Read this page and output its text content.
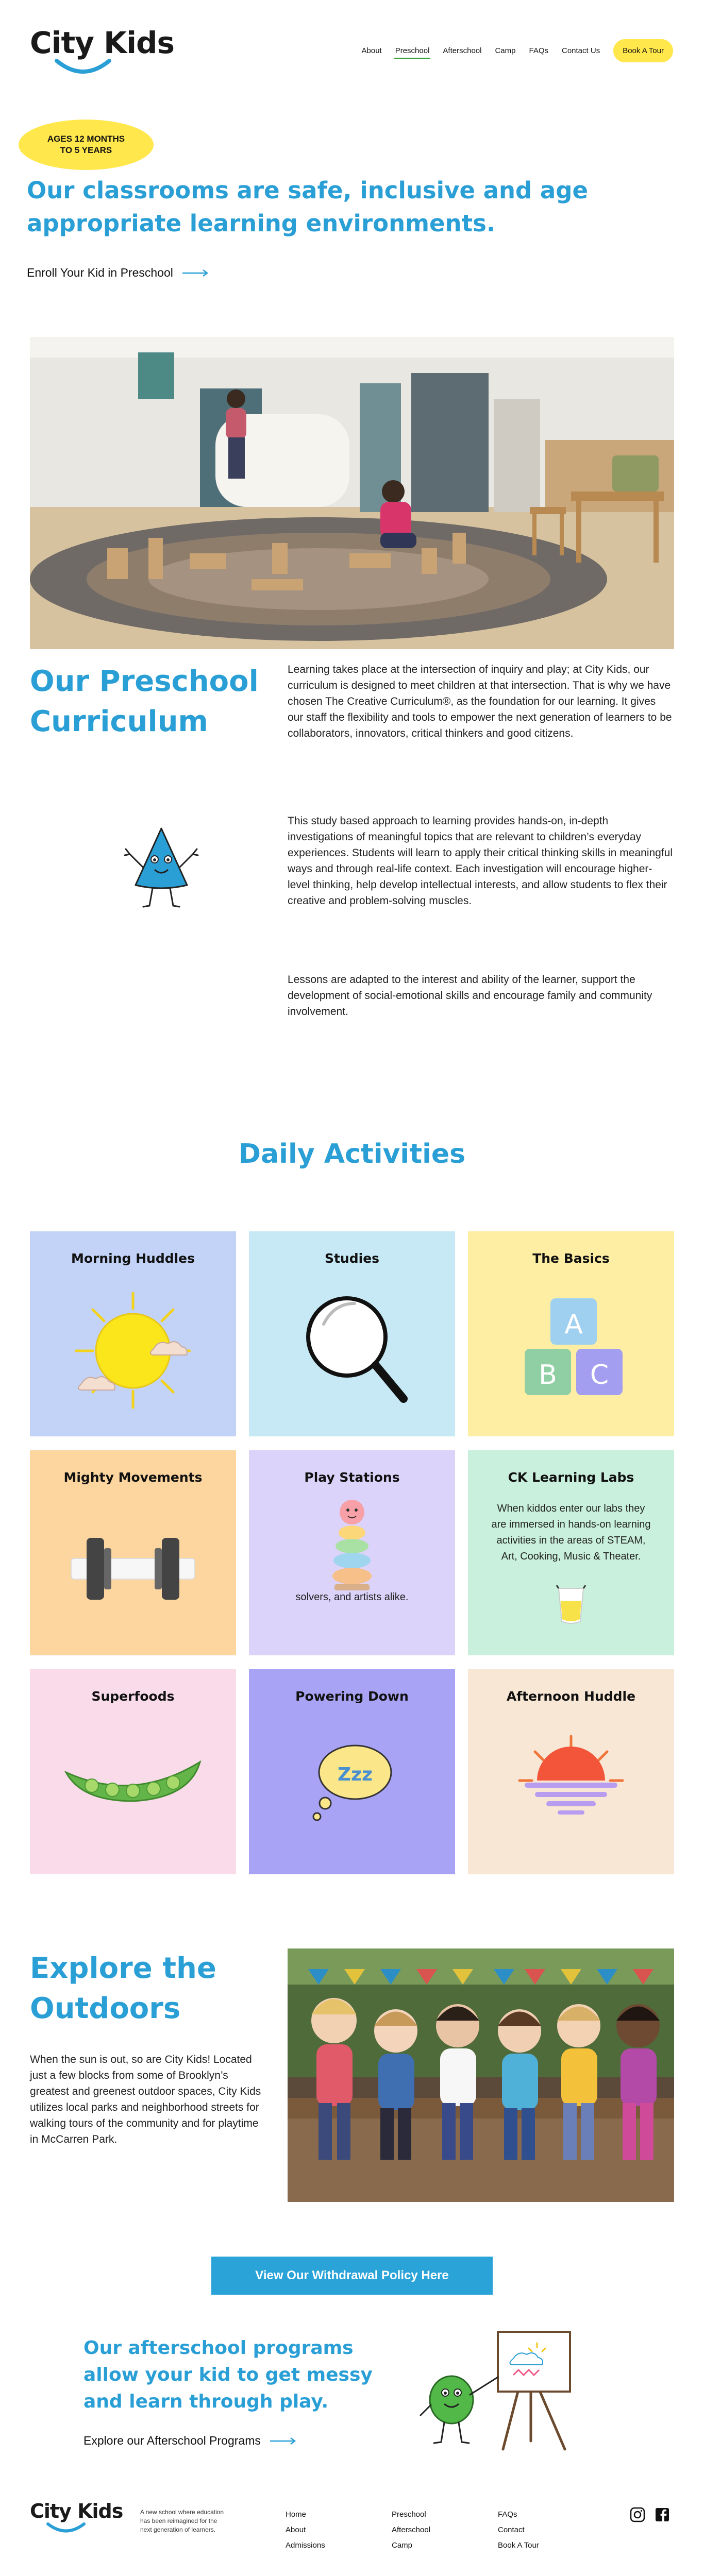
City Kids	About Preschool Afterschool Camp FAQs Contact Us	Book A Tour
AGES 12 MONTHS TO 5 YEARS
Our classrooms are safe, inclusive and age appropriate learning environments.
Enroll Your Kid in Preschool
Our Preschool Curriculum

Learning takes place at the intersection of inquiry and play; at City Kids, our curriculum is designed to meet children at that intersection. That is why we have chosen The Creative Curriculum®, as the foundation for our learning. It gives our staff the flexibility and tools to empower the next generation of learners to be collaborators, innovators, critical thinkers and good citizens.

This study based approach to learning provides hands-on, in-depth investigations of meaningful topics that are relevant to children’s everyday experiences. Students will learn to apply their critical thinking skills in meaningful ways and through real-life context. Each investigation will encourage higher-level thinking, help develop intellectual interests, and allow students to flex their creative and problem-solving muscles.

Lessons are adapted to the interest and ability of the learner, support the development of social-emotional skills and encourage family and community involvement.

Daily Activities
Morning Huddles	Studies	The Basics
A
B C
Mighty Movements	Play Stations
solvers, and artists alike.
CK Learning Labs
When kiddos enter our labs they are immersed in hands-on learning activities in the areas of STEAM, Art, Cooking, Music & Theater.
Superfoods	Powering Down
Zzz
Afternoon Huddle
Explore the Outdoors

When the sun is out, so are City Kids! Located just a few blocks from some of Brooklyn’s greatest and greenest outdoor spaces, City Kids utilizes local parks and neighborhood streets for walking tours of the community and for playtime in McCarren Park.

View Our Withdrawal Policy Here
Our afterschool programs allow your kid to get messy and learn through play.
Explore our Afterschool Programs
City Kids	A new school where education has been reimagined for the next generation of learners.

Home
About
Admissions
Preschool
Afterschool
Camp
FAQs
Contact
Book A Tour
